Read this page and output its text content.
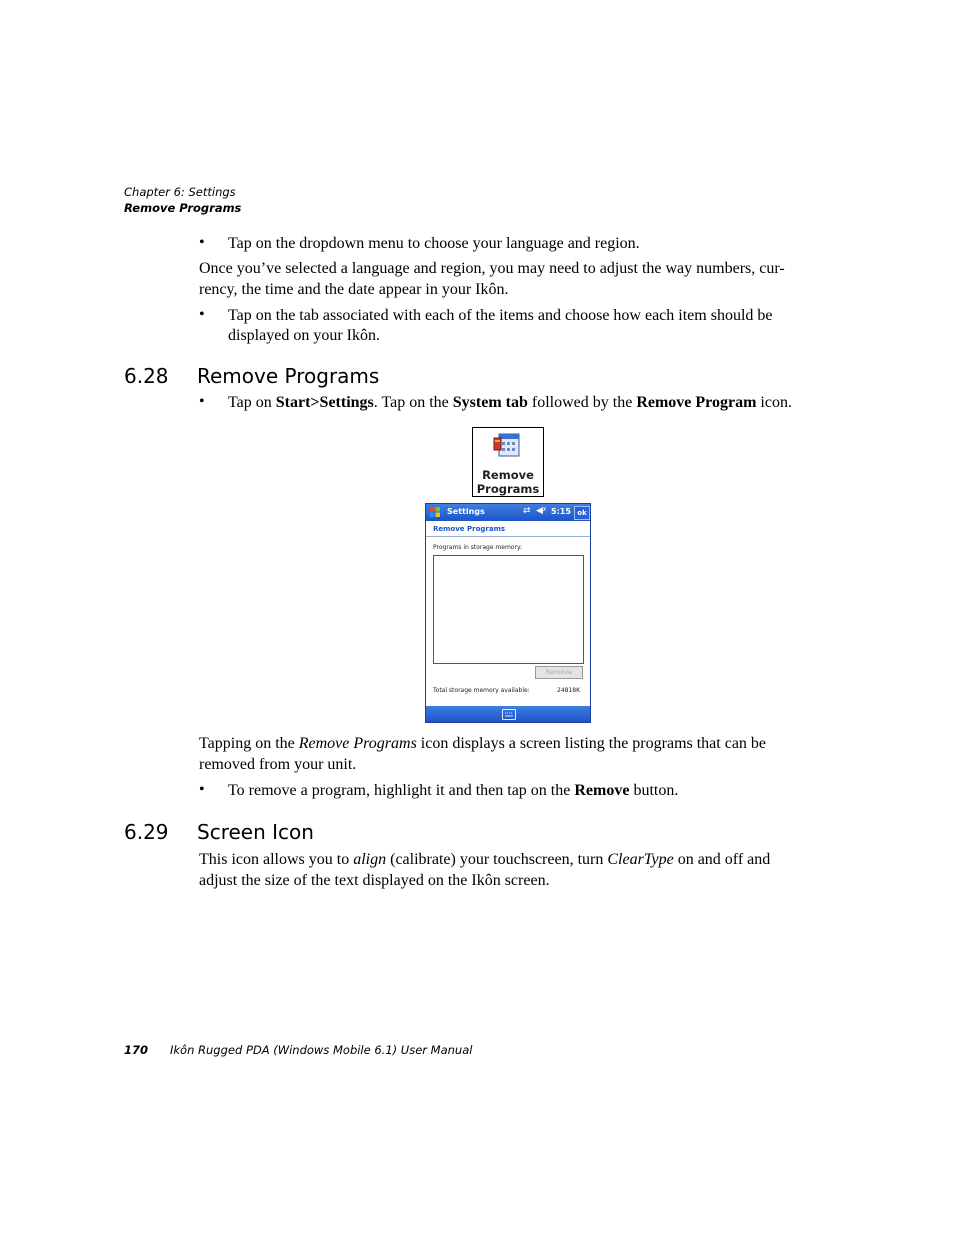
Chapter 6: Settings
Remove Programs
• Tap on the dropdown menu to choose your language and region.
Once you’ve selected a language and region, you may need to adjust the way numbers, cur-
rency, the time and the date appear in your Ikôn.
• Tap on the tab associated with each of the items and choose how each item should be
displayed on your Ikôn.
6.28 Remove Programs
• Tap on Start>Settings. Tap on the System tab followed by the Remove Program icon.
Remove
Programs
Settings	⇄ ◀ᵡ 5:15 ok
Remove Programs
Programs in storage memory:
Remove
Total storage memory available:	24818K
Tapping on the Remove Programs icon displays a screen listing the programs that can be
removed from your unit.
• To remove a program, highlight it and then tap on the Remove button.
6.29 Screen Icon
This icon allows you to align (calibrate) your touchscreen, turn ClearType on and off and
adjust the size of the text displayed on the Ikôn screen.
170 Ikôn Rugged PDA (Windows Mobile 6.1) User Manual
